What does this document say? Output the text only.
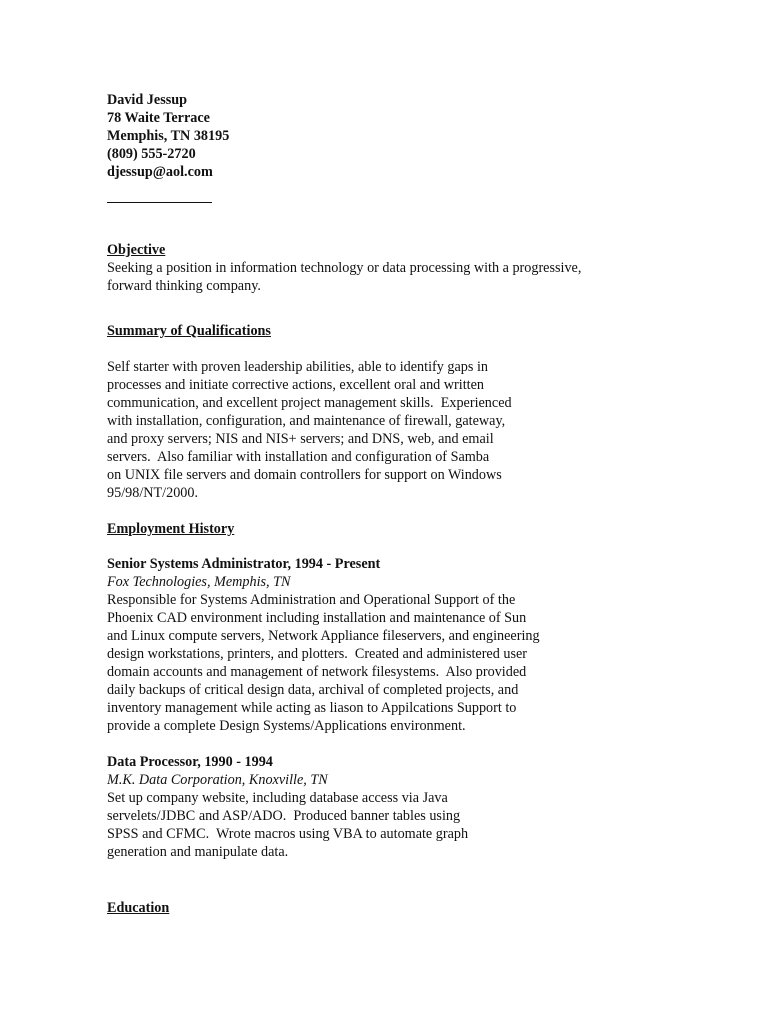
David Jessup

78 Waite Terrace

Memphis, TN 38195

(809) 555-2720

djessup@aol.com

Objective

Seeking a position in information technology or data processing with a progressive,

forward thinking company.

Summary of Qualifications

Self starter with proven leadership abilities, able to identify gaps in

processes and initiate corrective actions, excellent oral and written

communication, and excellent project management skills.  Experienced

with installation, configuration, and maintenance of firewall, gateway,

and proxy servers; NIS and NIS+ servers; and DNS, web, and email

servers.  Also familiar with installation and configuration of Samba

on UNIX file servers and domain controllers for support on Windows

95/98/NT/2000.

Employment History

Senior Systems Administrator, 1994 - Present

Fox Technologies, Memphis, TN

Responsible for Systems Administration and Operational Support of the

Phoenix CAD environment including installation and maintenance of Sun

and Linux compute servers, Network Appliance fileservers, and engineering

design workstations, printers, and plotters.  Created and administered user

domain accounts and management of network filesystems.  Also provided

daily backups of critical design data, archival of completed projects, and

inventory management while acting as liason to Appilcations Support to

provide a complete Design Systems/Applications environment.

Data Processor, 1990 - 1994

M.K. Data Corporation, Knoxville, TN

Set up company website, including database access via Java

servelets/JDBC and ASP/ADO.  Produced banner tables using

SPSS and CFMC.  Wrote macros using VBA to automate graph

generation and manipulate data.

Education
